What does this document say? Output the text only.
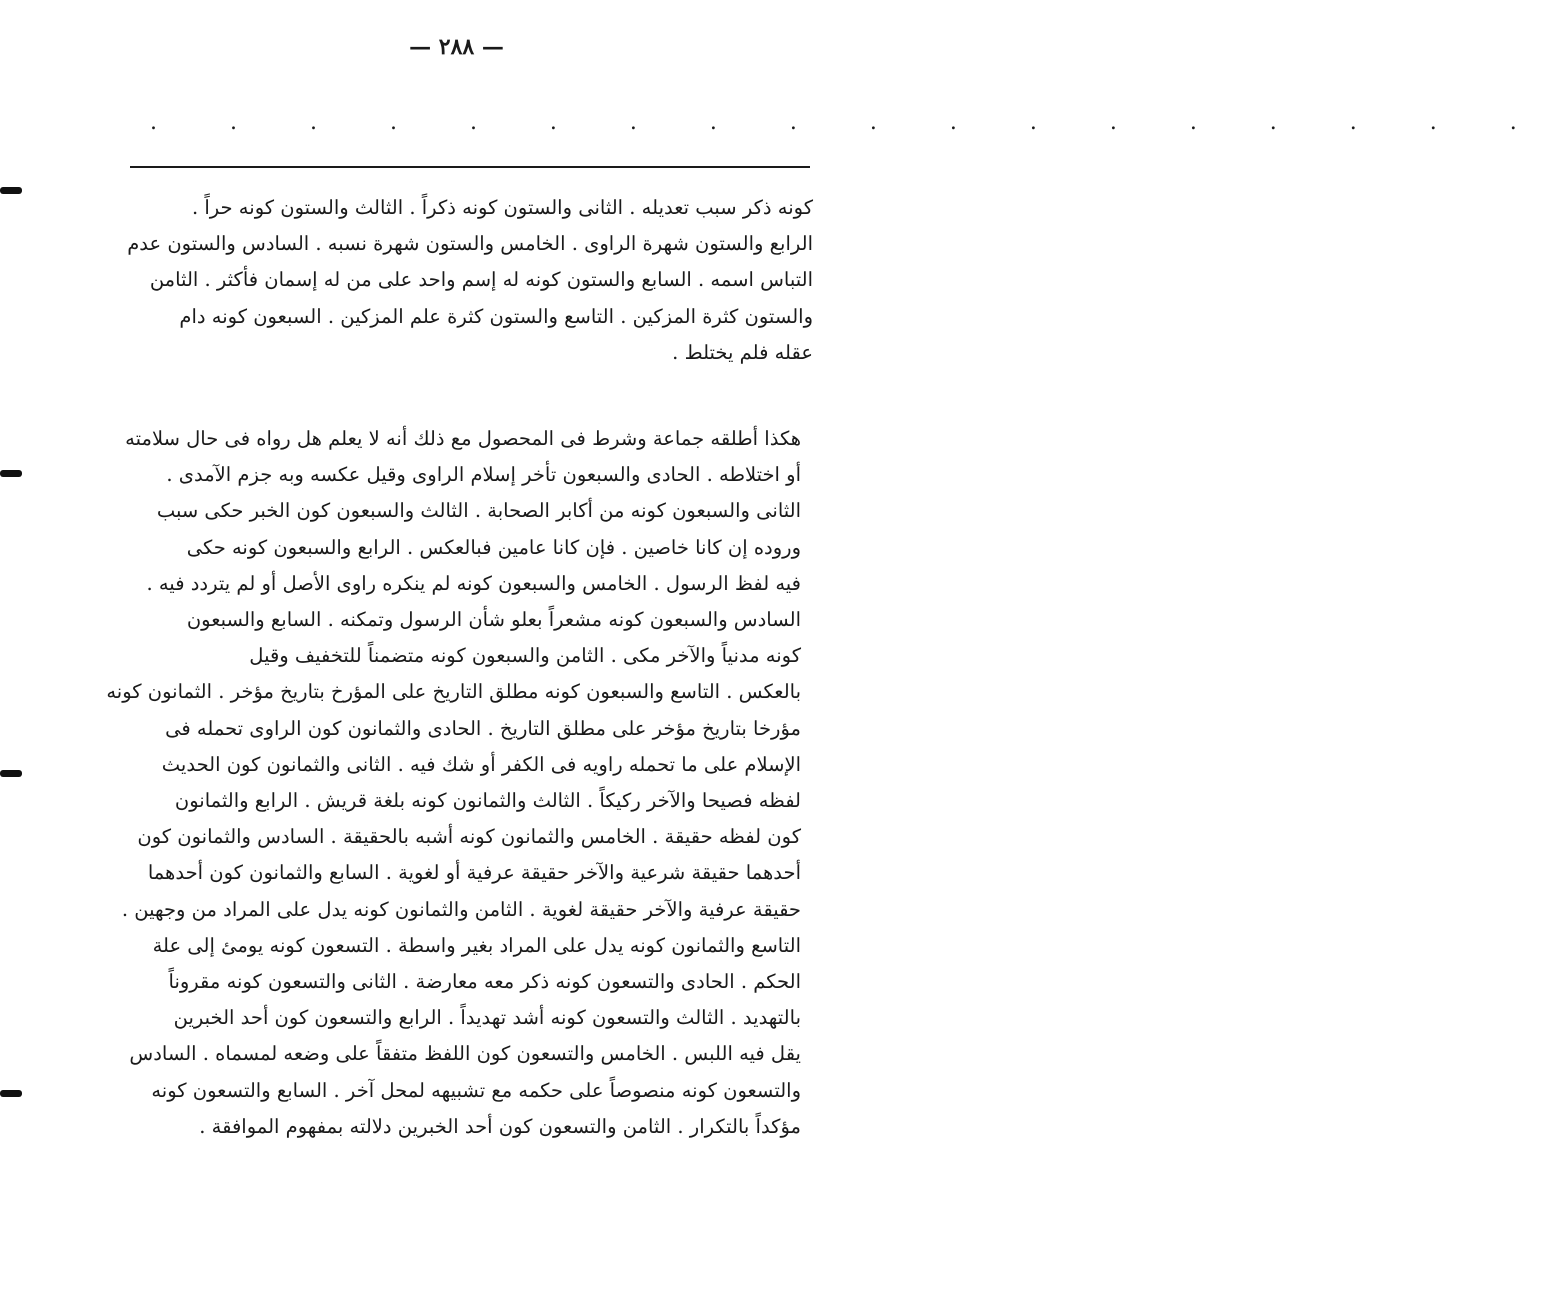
— ٢٨٨ —
. . . . . . . . . . . . . . . . . .
كونه ذكر سبب تعديله . الثانى والستون كونه ذكراً . الثالث والستون كونه حراً .
الرابع والستون شهرة الراوى . الخامس والستون شهرة نسبه . السادس والستون عدم
التباس اسمه . السابع والستون كونه له إسم واحد على من له إسمان فأكثر . الثامن
والستون كثرة المزكين . التاسع والستون كثرة علم المزكين . السبعون كونه دام
عقله فلم يختلط .
هكذا أطلقه جماعة وشرط فى المحصول مع ذلك أنه لا يعلم هل رواه فى حال سلامته
أو اختلاطه . الحادى والسبعون تأخر إسلام الراوى وقيل عكسه وبه جزم الآمدى .
الثانى والسبعون كونه من أكابر الصحابة . الثالث والسبعون كون الخبر حكى سبب
وروده إن كانا خاصين . فإن كانا عامين فبالعكس . الرابع والسبعون كونه حكى
فيه لفظ الرسول . الخامس والسبعون كونه لم ينكره راوى الأصل أو لم يتردد فيه .
السادس والسبعون كونه مشعراً بعلو شأن الرسول وتمكنه . السابع والسبعون
كونه مدنياً والآخر مكى . الثامن والسبعون كونه متضمناً للتخفيف وقيل
بالعكس . التاسع والسبعون كونه مطلق التاريخ على المؤرخ بتاريخ مؤخر . الثمانون كونه
مؤرخا بتاريخ مؤخر على مطلق التاريخ . الحادى والثمانون كون الراوى تحمله فى
الإسلام على ما تحمله راويه فى الكفر أو شك فيه . الثانى والثمانون كون الحديث
لفظه فصيحا والآخر ركيكاً . الثالث والثمانون كونه بلغة قريش . الرابع والثمانون
كون لفظه حقيقة . الخامس والثمانون كونه أشبه بالحقيقة . السادس والثمانون كون
أحدهما حقيقة شرعية والآخر حقيقة عرفية أو لغوية . السابع والثمانون كون أحدهما
حقيقة عرفية والآخر حقيقة لغوية . الثامن والثمانون كونه يدل على المراد من وجهين .
التاسع والثمانون كونه يدل على المراد بغير واسطة . التسعون كونه يومئ إلى علة
الحكم . الحادى والتسعون كونه ذكر معه معارضة . الثانى والتسعون كونه مقروناً
بالتهديد . الثالث والتسعون كونه أشد تهديداً . الرابع والتسعون كون أحد الخبرين
يقل فيه اللبس . الخامس والتسعون كون اللفظ متفقاً على وضعه لمسماه . السادس
والتسعون كونه منصوصاً على حكمه مع تشبيهه لمحل آخر . السابع والتسعون كونه
مؤكداً بالتكرار . الثامن والتسعون كون أحد الخبرين دلالته بمفهوم الموافقة .
